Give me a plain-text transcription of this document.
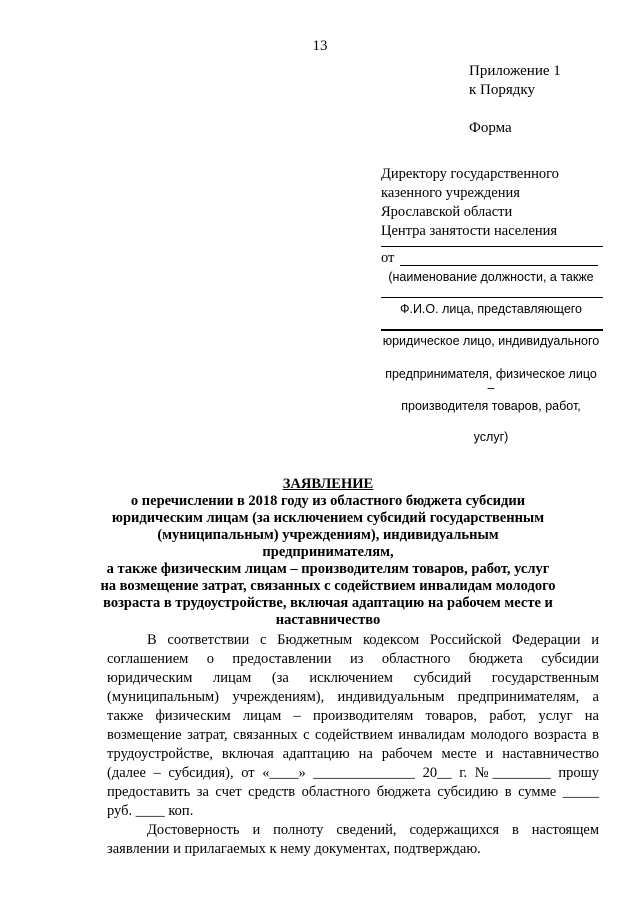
13
Приложение 1
к Порядку
Форма
Директору государственного
казенного учреждения
Ярославской области
Центра занятости населения
от
(наименование должности, а также
Ф.И.О. лица, представляющего
юридическое лицо, индивидуального
предпринимателя, физическое лицо –
производителя товаров, работ,
услуг)
ЗАЯВЛЕНИЕ
о перечислении в 2018 году из областного бюджета субсидии
юридическим лицам (за исключением субсидий государственным
(муниципальным) учреждениям), индивидуальным предпринимателям,
а также физическим лицам – производителям товаров, работ, услуг
на возмещение затрат, связанных с содействием инвалидам молодого
возраста в трудоустройстве, включая адаптацию на рабочем месте и
наставничество

В соответствии с Бюджетным кодексом Российской Федерации и соглашением о предоставлении из областного бюджета субсидии юридическим лицам (за исключением субсидий государственным (муниципальным) учреждениям), индивидуальным предпринимателям, а также физическим лицам – производителям товаров, работ, услуг на возмещение затрат, связанных с содействием инвалидам молодого возраста в трудоустройстве, включая адаптацию на рабочем месте и наставничество (далее – субсидия), от «____» ______________ 20__ г. №________ прошу предоставить за счет средств областного бюджета субсидию в сумме _____ руб. ____ коп.

Достоверность и полноту сведений, содержащихся в настоящем заявлении и прилагаемых к нему документах, подтверждаю.
